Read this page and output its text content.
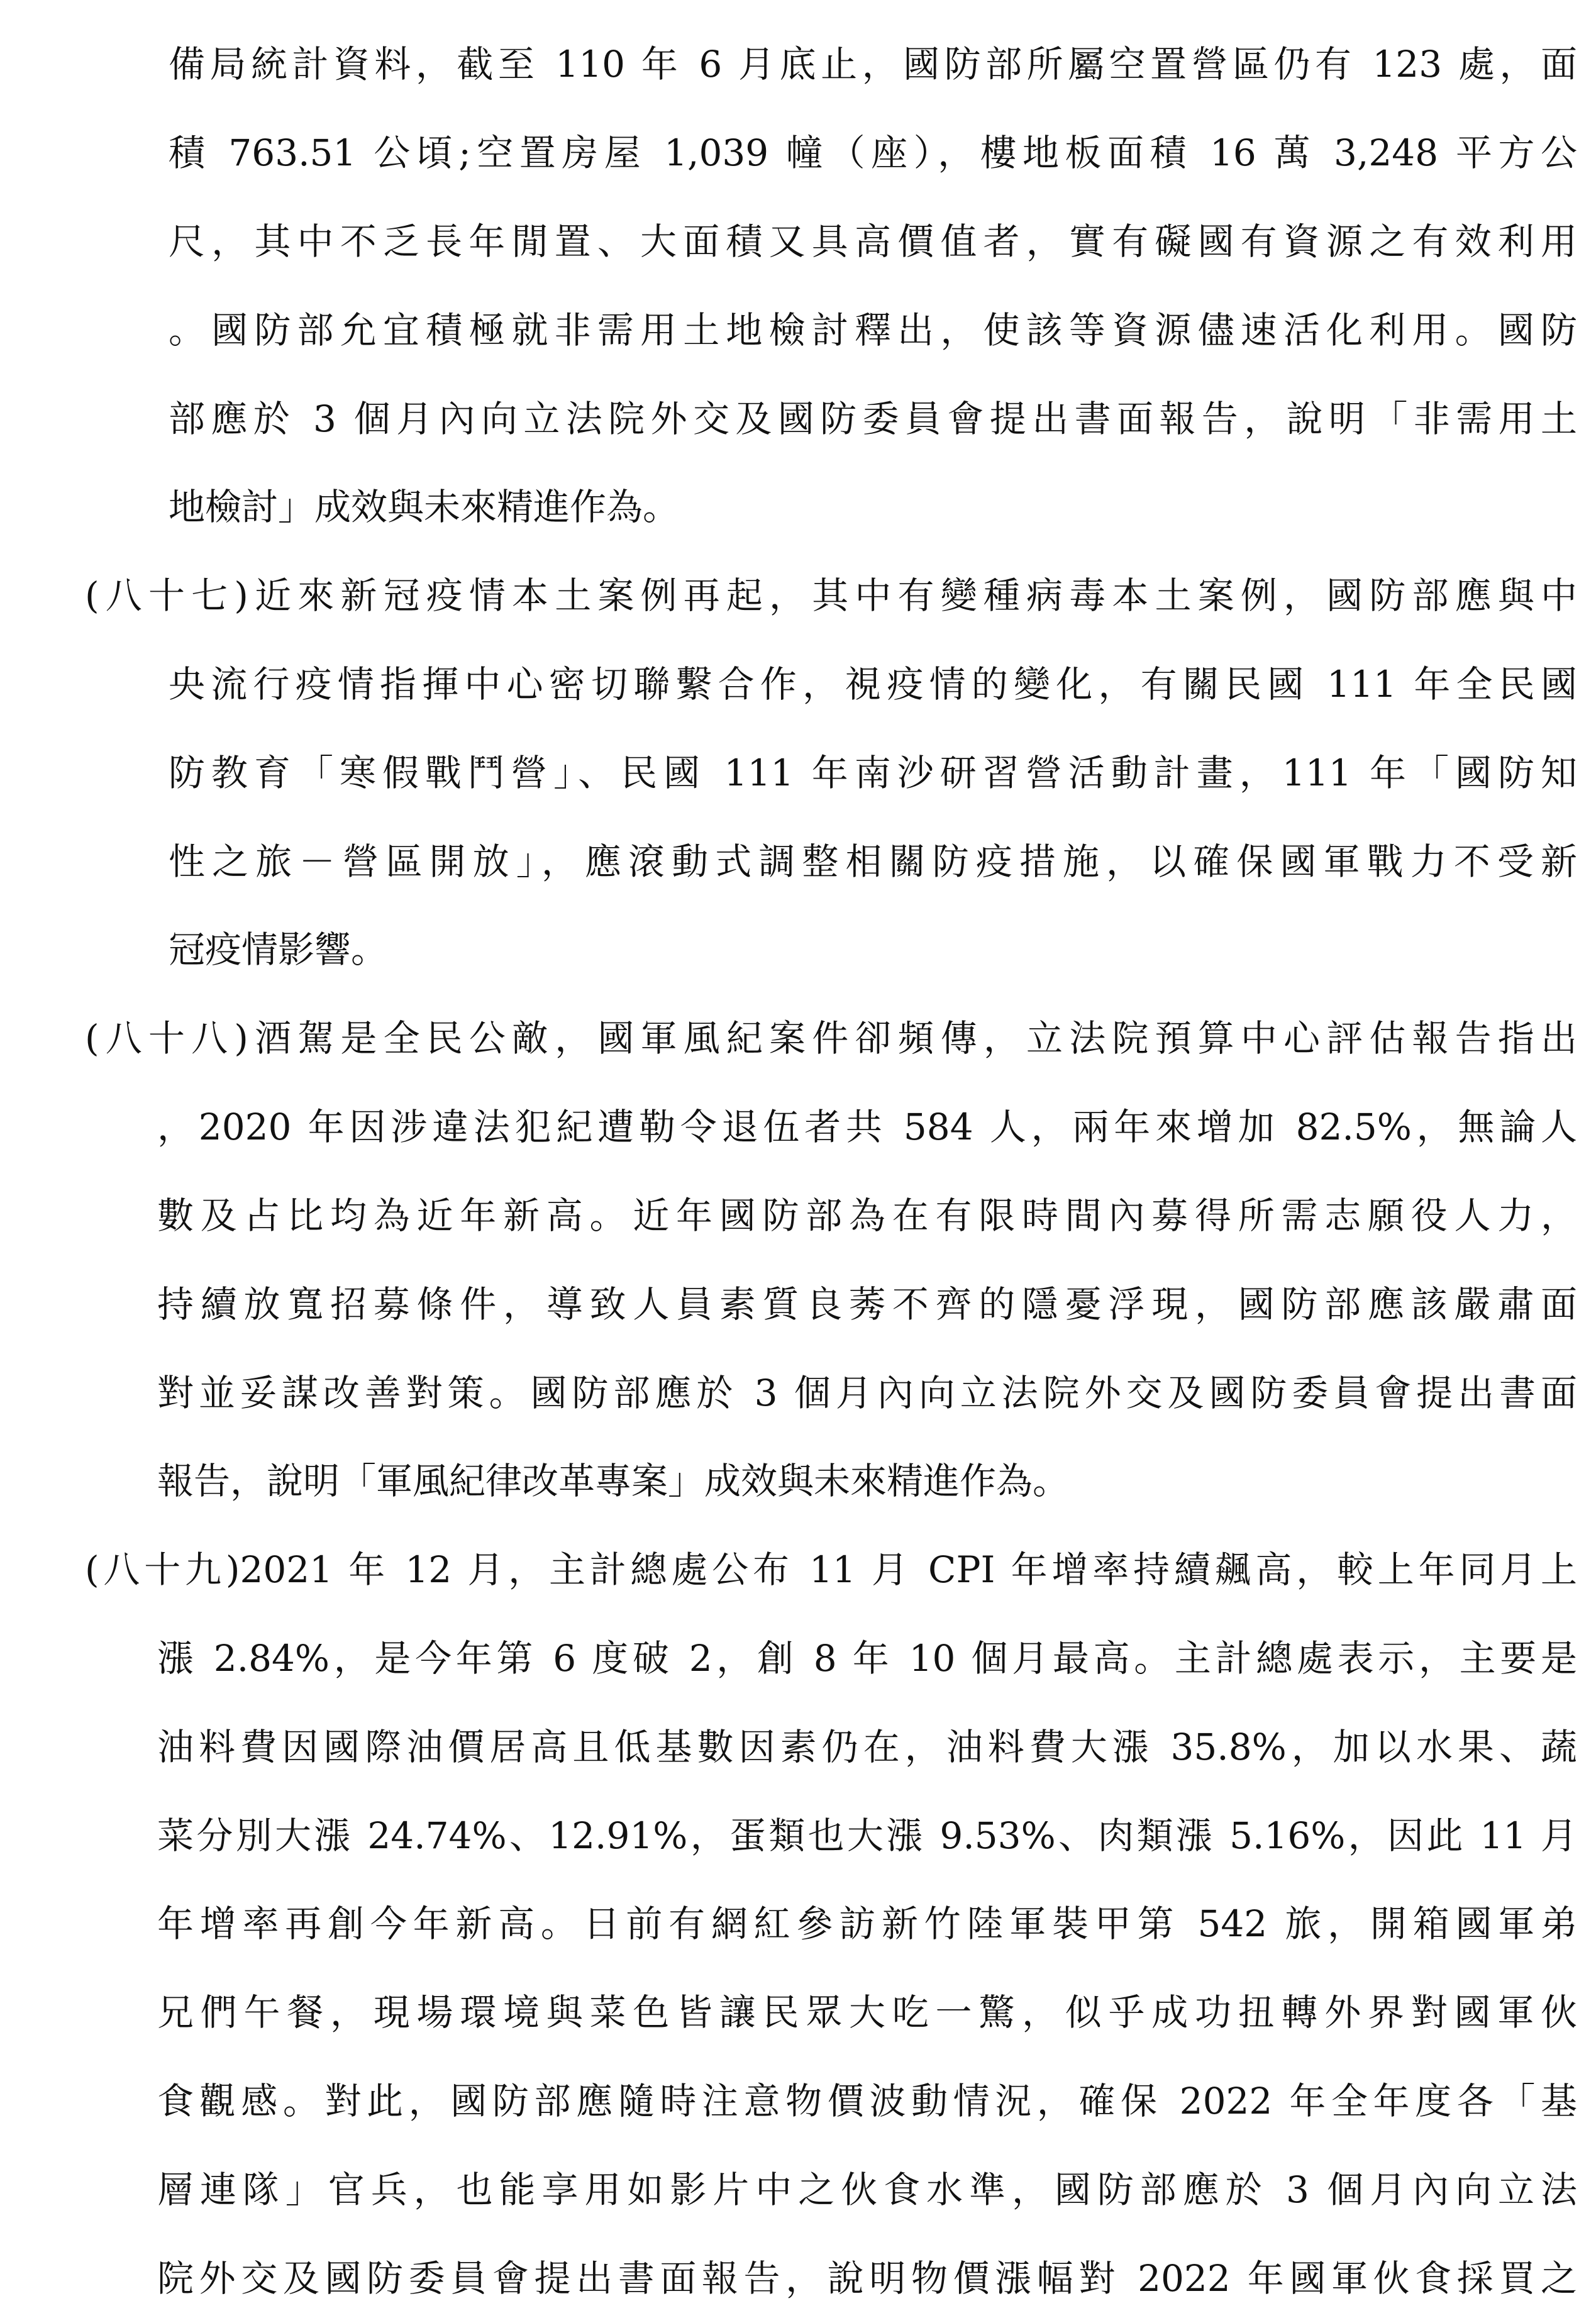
備局統計資料，截至 110 年 6 月底止，國防部所屬空置營區仍有 123 處，面
積 763.51 公頃;空置房屋 1,039 幢（座），樓地板面積 16 萬 3,248 平方公
尺，其中不乏長年閒置、大面積又具高價值者，實有礙國有資源之有效利用
。國防部允宜積極就非需用土地檢討釋出，使該等資源儘速活化利用。國防
部應於 3 個月內向立法院外交及國防委員會提出書面報告，說明「非需用土
地檢討」成效與未來精進作為。
(八十七)近來新冠疫情本土案例再起，其中有變種病毒本土案例，國防部應與中
央流行疫情指揮中心密切聯繫合作，視疫情的變化，有關民國 111 年全民國
防教育「寒假戰鬥營」、民國 111 年南沙研習營活動計畫，111 年「國防知
性之旅－營區開放」，應滾動式調整相關防疫措施，以確保國軍戰力不受新
冠疫情影響。
(八十八)酒駕是全民公敵，國軍風紀案件卻頻傳，立法院預算中心評估報告指出
，2020 年因涉違法犯紀遭勒令退伍者共 584 人，兩年來增加 82.5%，無論人
數及占比均為近年新高。近年國防部為在有限時間內募得所需志願役人力，
持續放寬招募條件，導致人員素質良莠不齊的隱憂浮現，國防部應該嚴肅面
對並妥謀改善對策。國防部應於 3 個月內向立法院外交及國防委員會提出書面
報告，說明「軍風紀律改革專案」成效與未來精進作為。
(八十九)2021 年 12 月，主計總處公布 11 月 CPI 年增率持續飆高，較上年同月上
漲 2.84%，是今年第 6 度破 2，創 8 年 10 個月最高。主計總處表示，主要是
油料費因國際油價居高且低基數因素仍在，油料費大漲 35.8%，加以水果、蔬
菜分別大漲 24.74%、12.91%，蛋類也大漲 9.53%、肉類漲 5.16%，因此 11 月
年增率再創今年新高。日前有網紅參訪新竹陸軍裝甲第 542 旅，開箱國軍弟
兄們午餐，現場環境與菜色皆讓民眾大吃一驚，似乎成功扭轉外界對國軍伙
食觀感。對此，國防部應隨時注意物價波動情況，確保 2022 年全年度各「基
層連隊」官兵，也能享用如影片中之伙食水準，國防部應於 3 個月內向立法
院外交及國防委員會提出書面報告，說明物價漲幅對 2022 年國軍伙食採買之
